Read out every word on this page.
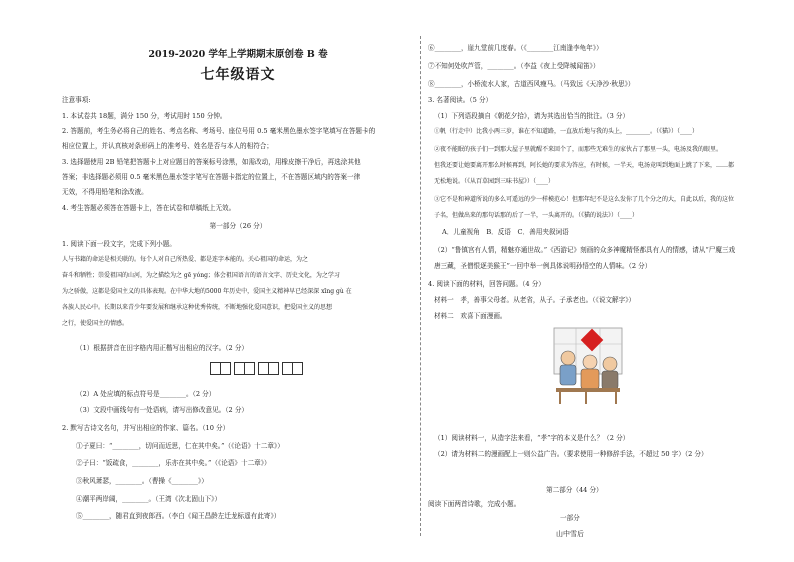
2019-2020 学年上学期期末原创卷 B 卷
七年级语文
注意事项:
1. 本试卷共 18题，满分 150 分，考试用时 150 分钟。
2. 答题前，考生务必将自己的姓名、考点名称、考场号、座位号用 0.5 毫米黑色墨水签字笔填写在答题卡的
相应位置上，并认真核对条形码上的准考号、姓名是否与本人的相符合；
3. 选择题使用 2B 铅笔把答题卡上对应题目的答案标号涂黑，如需改动，用橡皮擦干净后，再选涂其他
答案；非选择题必须用 0.5 毫米黑色墨水签字笔写在答题卡指定的位置上，不在答题区域内的答案一律
无效，不得用铅笔和涂改液。
4. 考生答题必须答在答题卡上，答在试卷和草稿纸上无效。
第一部分（26 分）
1. 阅读下面一段文字，完成下列小题。
人与书籍的命运是相关联的。每个人对自己所热爱、都是连字本能的。关心祖国的命运，为之
奋斗和牺牲；崇爱祖国的山河，为之描绘为之 gē yóng；体会祖国语言的语言文字、历史文化，为之学习
为之骄傲，这都是爱国主义的具体表现。在中华大地的5000 年历史中，爱国主义精神早已经深深 xīng gù 在
各族人民心中。长期以来青少年要发展和继承这种优秀传统，不断地强化爱国意识，把爱国主义的思想
之行，使爱国主的情感。
（1）根据拼音在田字格内用正楷写出相应的汉字。（2 分）
（2）A 处应填的标点符号是________。（2 分）
（3）文段中画线句有一处语病，请写出修改意见。（2 分）
2. 默写古诗文名句，并写出相应的作家、篇名。（10 分）
①子夏曰：“________，切问而近思，仁在其中矣。”（《论语》十二章》）
②子曰：“饭疏食，________，乐亦在其中矣。”（《论语》十二章》）
③秋风萧瑟，________。（曹操《________》）
④潮平两岸阔，________。（王湾《次北固山下》）
⑤________，随君直到夜郎西。（李白《闻王昌龄左迁龙标遥有此寄》）
⑥________，崖九堂前几度春。（《________江南逢李龟年》）
⑦不知何处吹芦管，________。（李益《夜上受降城闻笛》）
⑧________，小桥流水人家，古道西风瘦马。（马致远《天净沙·秋思》）
3. 名著阅读。（5 分）
（1）下列语段摘自《朝花夕拾》，请为其选出恰当的批注。（3 分）
①帆（行走中）比我小两三岁，谁在不知道路，一直放后地与我的头上，________。（《猫》）（____）
②夜不能眠的孩子们一到那大屋子里就醒不来回个了，而那些无难生的家伙占了那里一头，电汤及我的眼里。
但我还要让她要离开那么时候再到，阿长她的要求为答应，有时候，一半天，电汤竟叫到地面上跳了下来，……都
无松地说。（《从百草园到三味书屋》）（____）
③它不是和神道所说的多么可遥远的少一样模范心！但那年纪不是这么发你了几个分之的大，自此以后，我的这位
子名，但做出来的那句话那的后了一半，一头离开的。（《猫的说法》）（____）
A．儿童视角　B．反语　C．善用夹叙词语
（2）“鲁镇宫有人情，精魅亦通世故。”《西游记》刻画的众多神魔精怪都具有人的情感，请从“尸魔三戏
唐三藏，圣僧恨逐美猴王”一回中举一例具体说明孙悟空的人情味。（2 分）
4. 阅读下面的材料，回答问题。（4 分）
材料一　孝，善事父母者。从老省，从子。子承老也。（《说文解字》）
材料二　欢喜下面漫画。
（1）阅读材料一，从造字法来看，“孝”字的本义是什么？（2 分）
（2）请为材料二的漫画配上一则公益广告。（要求使用一种修辞手法，不超过 50 字）（2 分）
第二部分（44 分）
阅读下面两首诗歌，完成小题。
一部分
山中雪后
